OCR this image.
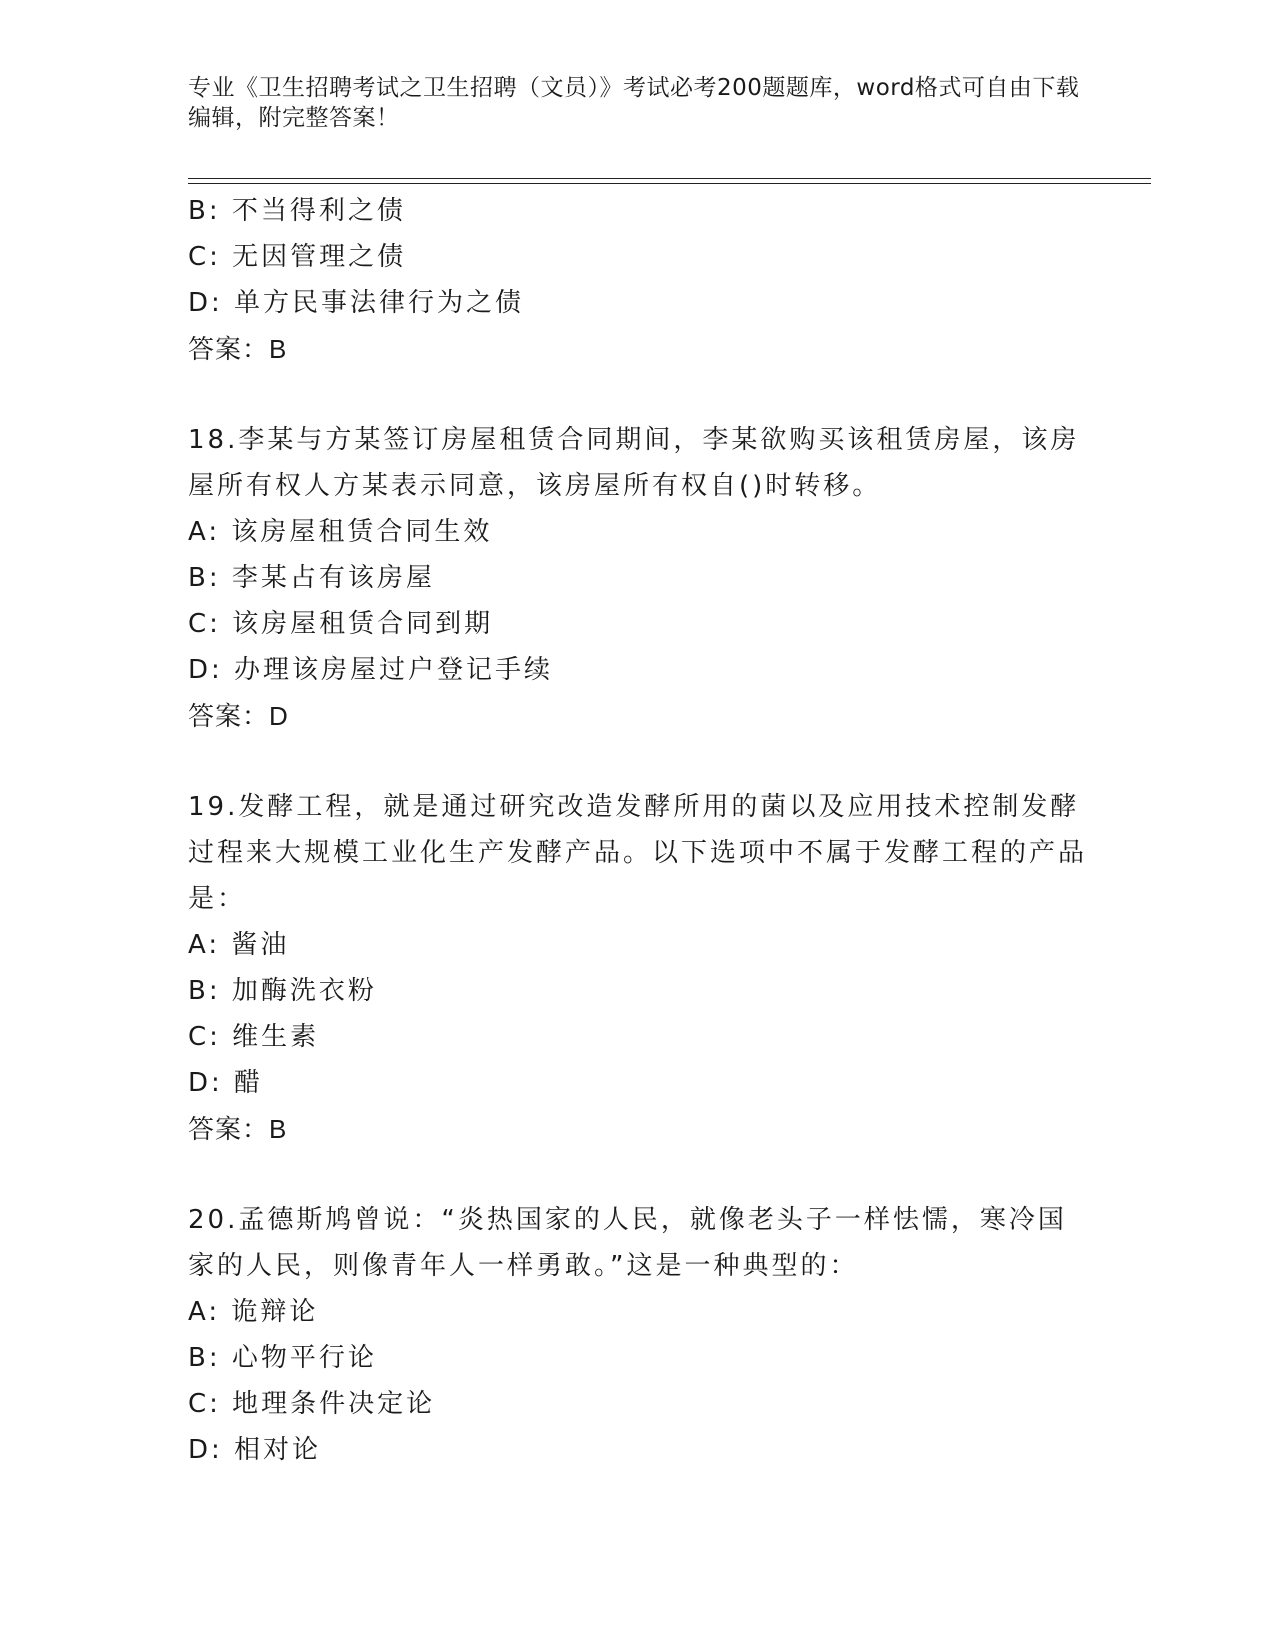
专业《卫生招聘考试之卫生招聘（文员）》考试必考200题题库，word格式可自由下载编辑，附完整答案！
B: 不当得利之债
C: 无因管理之债
D: 单方民事法律行为之债
答案：B
18.李某与方某签订房屋租赁合同期间，李某欲购买该租赁房屋，该房屋所有权人方某表示同意，该房屋所有权自()时转移。
A: 该房屋租赁合同生效
B: 李某占有该房屋
C: 该房屋租赁合同到期
D: 办理该房屋过户登记手续
答案：D
19.发酵工程，就是通过研究改造发酵所用的菌以及应用技术控制发酵过程来大规模工业化生产发酵产品。以下选项中不属于发酵工程的产品是：
A: 酱油
B: 加酶洗衣粉
C: 维生素
D: 醋
答案：B
20.孟德斯鸠曾说：“炎热国家的人民，就像老头子一样怯懦，寒冷国家的人民，则像青年人一样勇敢。”这是一种典型的：
A: 诡辩论
B: 心物平行论
C: 地理条件决定论
D: 相对论
